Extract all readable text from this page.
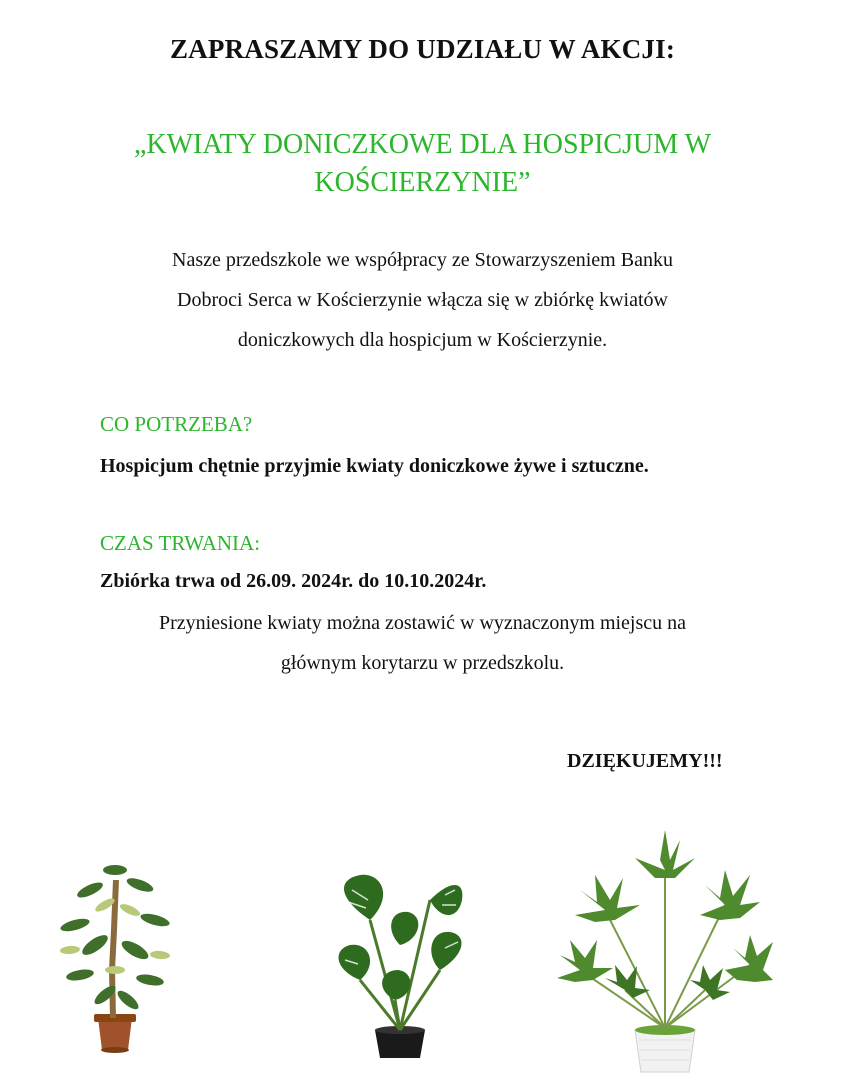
ZAPRASZAMY DO UDZIAŁU W AKCJI:
„KWIATY DONICZKOWE DLA HOSPICJUM W KOŚCIERZYNIE”
Nasze przedszkole we współpracy ze Stowarzyszeniem Banku
Dobroci Serca w Kościerzynie włącza się w zbiórkę kwiatów
doniczkowych dla hospicjum w Kościerzynie.
CO POTRZEBA?
Hospicjum chętnie przyjmie kwiaty doniczkowe żywe i sztuczne.
CZAS TRWANIA:
Zbiórka trwa od 26.09. 2024r. do 10.10.2024r.
Przyniesione kwiaty można zostawić w wyznaczonym miejscu na
głównym korytarzu w przedszkolu.
DZIĘKUJEMY!!!
